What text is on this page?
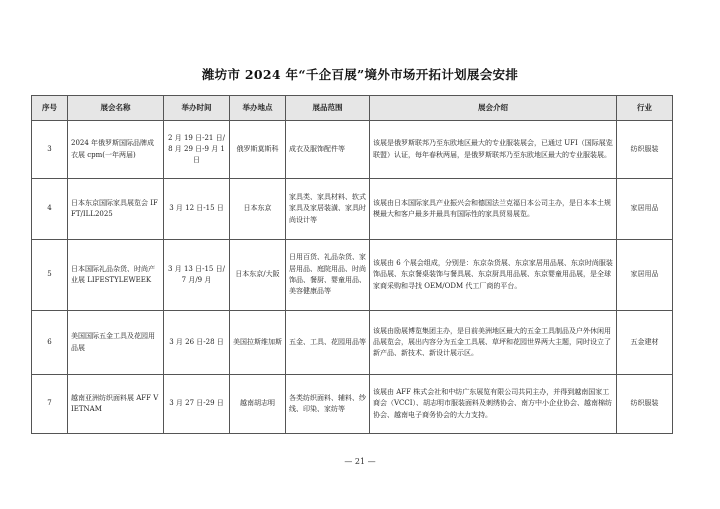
潍坊市 2024 年“千企百展”境外市场开拓计划展会安排
序号	展会名称	举办时间	举办地点	展品范围	展会介绍	行业
3	2024 年俄罗斯国际品牌成衣展 cpm(一年两届)	2 月 19 日-21 日/8 月 29 日-9 月 1 日	俄罗斯莫斯科	成衣及服饰配件等	该展是俄罗斯联邦乃至东欧地区最大的专业服装展会，已通过 UFI（国际展览联盟）认证，每年春秋两届，是俄罗斯联邦乃至东欧地区最大的专业服装展。	纺织服装
4	日本东京国际家具展览会 IFFT/ILL2025	3 月 12 日-15 日	日本东京	家具类、家具材料、软式家具及家居装潢、家具时尚设计等	该展由日本国际家具产业振兴会和德国法兰克福日本公司主办，是日本本土规模最大和客户最多并最具有国际性的家具贸易展览。	家居用品
5	日本国际礼品杂货、时尚产业展 LIFESTYLEWEEK	3 月 13 日-15 日/7 月/9 月	日本东京/大阪	日用百货、礼品杂货、家居用品、庭院用品、时尚饰品、餐厨、婴童用品、美容健康品等	该展由 6 个展会组成，分别是：东京杂货展、东京家居用品展、东京时尚服装饰品展、东京餐桌装饰与餐具展、东京厨具用品展、东京婴童用品展，是全球家商采购和寻找 OEM/ODM 代工厂商的平台。	家居用品
6	美国国际五金工具及花园用品展	3 月 26 日-28 日	美国拉斯维加斯	五金、工具、花园用品等	该展由励展博览集团主办，是目前美洲地区最大的五金工具制品及户外休闲用品展览会，展出内容分为五金工具展、草坪和花园世界两大主题，同时设立了新产品、新技术、新设计展示区。	五金建材
7	越南亚洲纺织面料展 AFF VIETNAM	3 月 27 日-29 日	越南胡志明	各类纺织面料、辅料、纱线、印染、家纺等	该展由 AFF 株式会社和中纺广东展览有限公司共同主办，并得到越南国家工商会（VCCI）、胡志明市服装面料及刺绣协会、南方中小企业协会、越南棉纺协会、越南电子商务协会的大力支持。	纺织服装
— 21 —
